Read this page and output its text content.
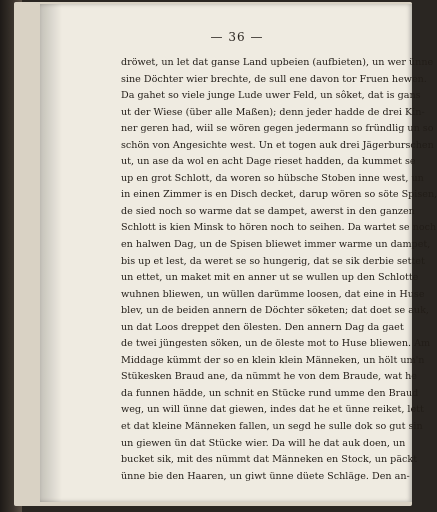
— 36 —
dröwet, un let dat ganse Land upbeien (aufbieten), un wer ünne
sine Döchter wier brechte, de sull ene davon tor Fruen hewen.
Da gahet so viele junge Lude uwer Feld, un sôket, dat is gans
ut der Wiese (über alle Maßen); denn jeder hadde de drei Kin-
ner geren had, wiil se wören gegen jedermann so fründlig un so
schön von Angesichte west. Un et togen auk drei Jägerburschen
ut, un ase da wol en acht Dage rieset hadden, da kummet se
up en grot Schlott, da woren so hübsche Stoben inne west, un
in einen Zimmer is en Disch decket, darup wören so söte Spisen,
de sied noch so warme dat se dampet, awerst in den ganzen
Schlott is kien Minsk to hören noch to seihen. Da wartet se noch
en halwen Dag, un de Spisen bliewet immer warme un dampet,
bis up et lest, da weret se so hungerig, dat se sik derbie settet
un ettet, un maket mit en anner ut se wullen up den Schlotte
wuhnen bliewen, un wüllen darümme loosen, dat eine in Huse
blev, un de beiden annern de Döchter söketen; dat doet se auk,
un dat Loos dreppet den ölesten. Den annern Dag da gaet
de twei jüngesten söken, un de öleste mot to Huse bliewen. Am
Middage kümmt der so en klein klein Männeken, un hölt um'n
Stükesken Braud ane, da nümmt he von dem Braude, wat he
da funnen hädde, un schnit en Stücke rund umme den Braud
weg, un will ünne dat giewen, indes dat he et ünne reiket, lett
et dat kleine Männeken fallen, un segd he sulle dok so gut sin
un giewen ün dat Stücke wier. Da will he dat auk doen, un
bucket sik, mit des nümmt dat Männeken en Stock, un päckt
ünne bie den Haaren, un giwt ünne düete Schläge. Den an-
